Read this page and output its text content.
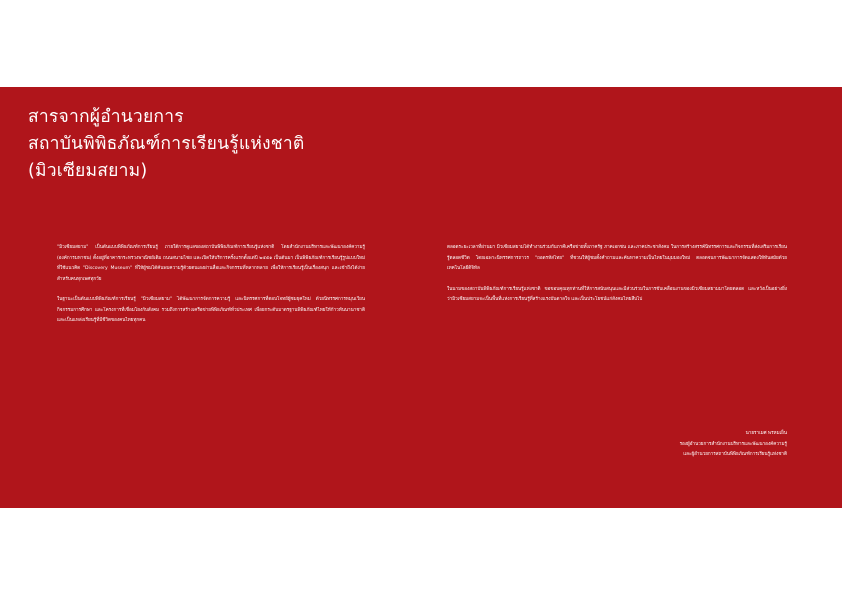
สารจากผู้อำนวยการ
สถาบันพิพิธภัณฑ์การเรียนรู้แห่งชาติ
(มิวเซียมสยาม)

"มิวเซียมสยาม" เป็นต้นแบบพิพิธภัณฑ์การเรียนรู้ ภายใต้การดูแลของสถาบันพิพิธภัณฑ์การเรียนรู้แห่งชาติ โดยสำนักงานบริหารและพัฒนาองค์ความรู้ (องค์การมหาชน) ตั้งอยู่ที่อาคารกระทรวงพาณิชย์เดิม ถนนสนามไชย และเปิดให้บริการครั้งแรกตั้งแต่ปี ๒๕๕๑ เป็นต้นมา เป็นพิพิธภัณฑ์การเรียนรู้รูปแบบใหม่ที่ใช้แนวคิด "Discovery Museum" ที่ให้ผู้ชมได้ค้นพบความรู้ด้วยตนเองผ่านสื่อและกิจกรรมที่หลากหลาย เพื่อให้การเรียนรู้เป็นเรื่องสนุก และเข้าถึงได้ง่าย สำหรับคนทุกเพศทุกวัย

ในฐานะเป็นต้นแบบพิพิธภัณฑ์การเรียนรู้ "มิวเซียมสยาม" ได้พัฒนาการจัดการความรู้ และนิทรรศการที่ตอบโจทย์ผู้ชมยุคใหม่ ด้วยนิทรรศการหมุนเวียน กิจกรรมการศึกษา และโครงการที่เชื่อมโยงกับสังคม รวมถึงการสร้างเครือข่ายพิพิธภัณฑ์ทั่วประเทศ เพื่อยกระดับมาตรฐานพิพิธภัณฑ์ไทยให้ก้าวทันนานาชาติ และเป็นแหล่งเรียนรู้ที่มีชีวิตของคนไทยทุกคน

ตลอดระยะเวลาที่ผ่านมา มิวเซียมสยามได้ทำงานร่วมกับภาคีเครือข่ายทั้งภาครัฐ ภาคเอกชน และภาคประชาสังคม ในการสร้างสรรค์นิทรรศการและกิจกรรมที่ส่งเสริมการเรียนรู้ตลอดชีวิต โดยเฉพาะนิทรรศการถาวร "ถอดรหัสไทย" ที่ชวนให้ผู้ชมตั้งคำถามและค้นหาความเป็นไทยในมุมมองใหม่ ตลอดจนการพัฒนาการจัดแสดงให้ทันสมัยด้วยเทคโนโลยีดิจิทัล

ในนามของสถาบันพิพิธภัณฑ์การเรียนรู้แห่งชาติ ขอขอบคุณทุกท่านที่ให้การสนับสนุนและมีส่วนร่วมในการขับเคลื่อนงานของมิวเซียมสยามมาโดยตลอด และหวังเป็นอย่างยิ่งว่ามิวเซียมสยามจะเป็นพื้นที่แห่งการเรียนรู้ที่สร้างแรงบันดาลใจ และเป็นประโยชน์แก่สังคมไทยสืบไป

นายราเมศ พรหมเย็น
รองผู้อำนวยการสำนักงานบริหารและพัฒนาองค์ความรู้
และผู้อำนวยการสถาบันพิพิธภัณฑ์การเรียนรู้แห่งชาติ
